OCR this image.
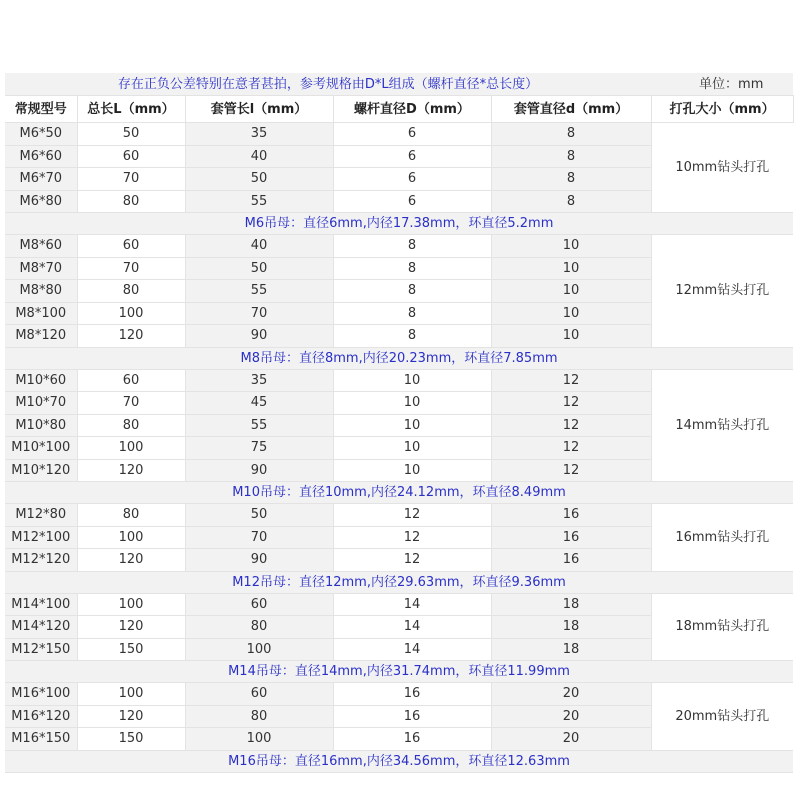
存在正负公差特别在意者甚拍，参考规格由D*L组成（螺杆直径*总长度）					单位：mm
常规型号	总长L（mm）	套管长l（mm）	螺杆直径D（mm）	套管直径d（mm）	打孔大小（mm）
M6*50	50	35	6	8	10mm钻头打孔
M6*60	60	40	6	8	
M6*70	70	50	6	8	
M6*80	80	55	6	8	
M6吊母：直径6mm,内径17.38mm，环直径5.2mm					
M8*60	60	40	8	10	12mm钻头打孔
M8*70	70	50	8	10	
M8*80	80	55	8	10	
M8*100	100	70	8	10	
M8*120	120	90	8	10	
M8吊母：直径8mm,内径20.23mm，环直径7.85mm					
M10*60	60	35	10	12	14mm钻头打孔
M10*70	70	45	10	12	
M10*80	80	55	10	12	
M10*100	100	75	10	12	
M10*120	120	90	10	12	
M10吊母：直径10mm,内径24.12mm，环直径8.49mm					
M12*80	80	50	12	16	16mm钻头打孔
M12*100	100	70	12	16	
M12*120	120	90	12	16	
M12吊母：直径12mm,内径29.63mm，环直径9.36mm					
M14*100	100	60	14	18	18mm钻头打孔
M14*120	120	80	14	18	
M12*150	150	100	14	18	
M14吊母：直径14mm,内径31.74mm，环直径11.99mm					
M16*100	100	60	16	20	20mm钻头打孔
M16*120	120	80	16	20	
M16*150	150	100	16	20	
M16吊母：直径16mm,内径34.56mm，环直径12.63mm					
